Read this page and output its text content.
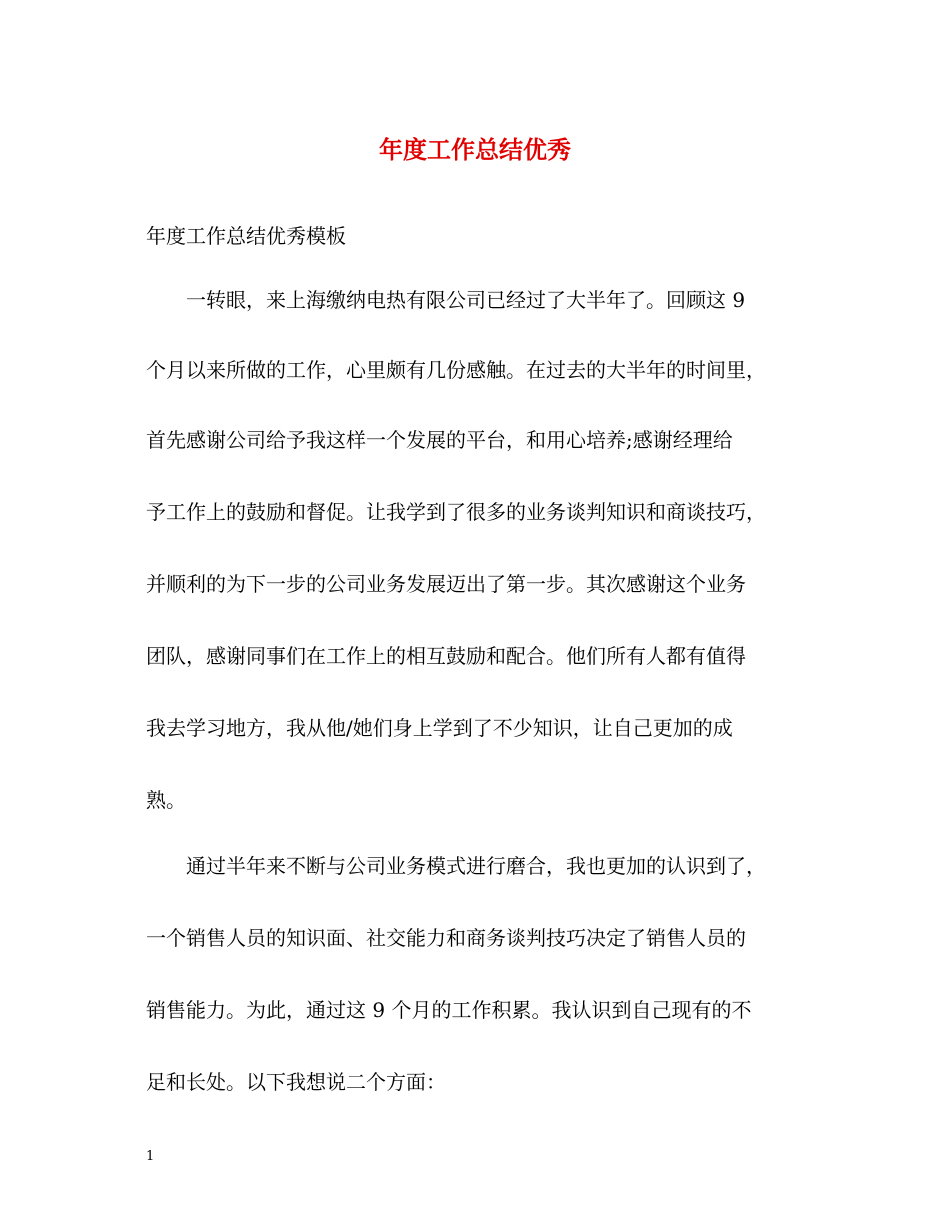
年度工作总结优秀
年度工作总结优秀模板
一转眼，来上海缴纳电热有限公司已经过了大半年了。回顾这 9
个月以来所做的工作，心里颇有几份感触。在过去的大半年的时间里，
首先感谢公司给予我这样一个发展的平台，和用心培养;感谢经理给
予工作上的鼓励和督促。让我学到了很多的业务谈判知识和商谈技巧，
并顺利的为下一步的公司业务发展迈出了第一步。其次感谢这个业务
团队，感谢同事们在工作上的相互鼓励和配合。他们所有人都有值得
我去学习地方，我从他/她们身上学到了不少知识，让自己更加的成
熟。
通过半年来不断与公司业务模式进行磨合，我也更加的认识到了，
一个销售人员的知识面、社交能力和商务谈判技巧决定了销售人员的
销售能力。为此，通过这 9 个月的工作积累。我认识到自己现有的不
足和长处。以下我想说二个方面：
1
